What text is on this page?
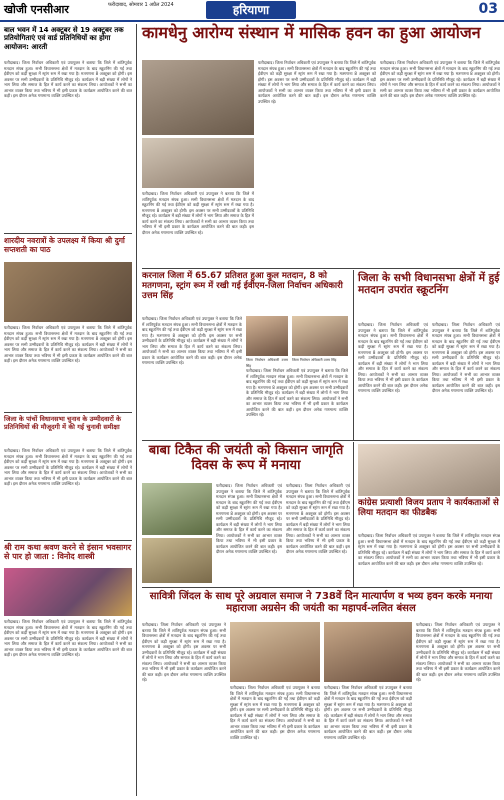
खोजी एनसीआर	फरीदाबाद, सोमवार 1 अप्रैल 2024	हरियाणा	03
बाल भवन में 14 अक्टूबर से 19 अक्टूबर तक प्रतियोगिताएं एवं वार्ड प्रतिनिधियों का होगा आयोजन: आरती
फरीदाबाद। जिला निर्वाचन अधिकारी एवं उपायुक्त ने बताया कि जिले में शांतिपूर्वक मतदान संपन्न हुआ। सभी विधानसभा क्षेत्रों में मतदान के बाद स्क्रूटनिंग की गई तथा ईवीएम को कड़ी सुरक्षा में स्ट्रांग रूम में रखा गया है। मतगणना 8 अक्टूबर को होगी। इस अवसर पर सभी उम्मीदवारों के प्रतिनिधि मौजूद रहे। कार्यक्रम में बड़ी संख्या में लोगों ने भाग लिया और समाज के हित में कार्य करने का संकल्प लिया। आयोजकों ने सभी का आभार व्यक्त किया तथा भविष्य में भी इसी प्रकार के कार्यक्रम आयोजित करने की बात कही। इस दौरान अनेक गणमान्य व्यक्ति उपस्थित रहे।
शारदीय नवरात्रों के उपलक्ष्य में किया श्री दुर्गा सप्तशती का पाठ
फरीदाबाद। जिला निर्वाचन अधिकारी एवं उपायुक्त ने बताया कि जिले में शांतिपूर्वक मतदान संपन्न हुआ। सभी विधानसभा क्षेत्रों में मतदान के बाद स्क्रूटनिंग की गई तथा ईवीएम को कड़ी सुरक्षा में स्ट्रांग रूम में रखा गया है। मतगणना 8 अक्टूबर को होगी। इस अवसर पर सभी उम्मीदवारों के प्रतिनिधि मौजूद रहे। कार्यक्रम में बड़ी संख्या में लोगों ने भाग लिया और समाज के हित में कार्य करने का संकल्प लिया। आयोजकों ने सभी का आभार व्यक्त किया तथा भविष्य में भी इसी प्रकार के कार्यक्रम आयोजित करने की बात कही। इस दौरान अनेक गणमान्य व्यक्ति उपस्थित रहे।
जिला के पांचों विधानसभा चुनाव के उम्मीदवारों के प्रतिनिधियों की मौजूदगी में की गई चुनावी समीक्षा
फरीदाबाद। जिला निर्वाचन अधिकारी एवं उपायुक्त ने बताया कि जिले में शांतिपूर्वक मतदान संपन्न हुआ। सभी विधानसभा क्षेत्रों में मतदान के बाद स्क्रूटनिंग की गई तथा ईवीएम को कड़ी सुरक्षा में स्ट्रांग रूम में रखा गया है। मतगणना 8 अक्टूबर को होगी। इस अवसर पर सभी उम्मीदवारों के प्रतिनिधि मौजूद रहे। कार्यक्रम में बड़ी संख्या में लोगों ने भाग लिया और समाज के हित में कार्य करने का संकल्प लिया। आयोजकों ने सभी का आभार व्यक्त किया तथा भविष्य में भी इसी प्रकार के कार्यक्रम आयोजित करने की बात कही। इस दौरान अनेक गणमान्य व्यक्ति उपस्थित रहे।
श्री राम कथा श्रवण करने से इंसान भवसागर से पार हो जाता : विनोद शास्त्री
फरीदाबाद। जिला निर्वाचन अधिकारी एवं उपायुक्त ने बताया कि जिले में शांतिपूर्वक मतदान संपन्न हुआ। सभी विधानसभा क्षेत्रों में मतदान के बाद स्क्रूटनिंग की गई तथा ईवीएम को कड़ी सुरक्षा में स्ट्रांग रूम में रखा गया है। मतगणना 8 अक्टूबर को होगी। इस अवसर पर सभी उम्मीदवारों के प्रतिनिधि मौजूद रहे। कार्यक्रम में बड़ी संख्या में लोगों ने भाग लिया और समाज के हित में कार्य करने का संकल्प लिया। आयोजकों ने सभी का आभार व्यक्त किया तथा भविष्य में भी इसी प्रकार के कार्यक्रम आयोजित करने की बात कही। इस दौरान अनेक गणमान्य व्यक्ति उपस्थित रहे।
कामधेनु आरोग्य संस्थान में मासिक हवन का हुआ आयोजन
फरीदाबाद। जिला निर्वाचन अधिकारी एवं उपायुक्त ने बताया कि जिले में शांतिपूर्वक मतदान संपन्न हुआ। सभी विधानसभा क्षेत्रों में मतदान के बाद स्क्रूटनिंग की गई तथा ईवीएम को कड़ी सुरक्षा में स्ट्रांग रूम में रखा गया है। मतगणना 8 अक्टूबर को होगी। इस अवसर पर सभी उम्मीदवारों के प्रतिनिधि मौजूद रहे। कार्यक्रम में बड़ी संख्या में लोगों ने भाग लिया और समाज के हित में कार्य करने का संकल्प लिया। आयोजकों ने सभी का आभार व्यक्त किया तथा भविष्य में भी इसी प्रकार के कार्यक्रम आयोजित करने की बात कही। इस दौरान अनेक गणमान्य व्यक्ति उपस्थित रहे।
फरीदाबाद। जिला निर्वाचन अधिकारी एवं उपायुक्त ने बताया कि जिले में शांतिपूर्वक मतदान संपन्न हुआ। सभी विधानसभा क्षेत्रों में मतदान के बाद स्क्रूटनिंग की गई तथा ईवीएम को कड़ी सुरक्षा में स्ट्रांग रूम में रखा गया है। मतगणना 8 अक्टूबर को होगी। इस अवसर पर सभी उम्मीदवारों के प्रतिनिधि मौजूद रहे। कार्यक्रम में बड़ी संख्या में लोगों ने भाग लिया और समाज के हित में कार्य करने का संकल्प लिया। आयोजकों ने सभी का आभार व्यक्त किया तथा भविष्य में भी इसी प्रकार के कार्यक्रम आयोजित करने की बात कही। इस दौरान अनेक गणमान्य व्यक्ति उपस्थित रहे।
फरीदाबाद। जिला निर्वाचन अधिकारी एवं उपायुक्त ने बताया कि जिले में शांतिपूर्वक मतदान संपन्न हुआ। सभी विधानसभा क्षेत्रों में मतदान के बाद स्क्रूटनिंग की गई तथा ईवीएम को कड़ी सुरक्षा में स्ट्रांग रूम में रखा गया है। मतगणना 8 अक्टूबर को होगी। इस अवसर पर सभी उम्मीदवारों के प्रतिनिधि मौजूद रहे। कार्यक्रम में बड़ी संख्या में लोगों ने भाग लिया और समाज के हित में कार्य करने का संकल्प लिया। आयोजकों ने सभी का आभार व्यक्त किया तथा भविष्य में भी इसी प्रकार के कार्यक्रम आयोजित करने की बात कही। इस दौरान अनेक गणमान्य व्यक्ति उपस्थित रहे।
करनाल जिला में 65.67 प्रतिशत हुआ कुल मतदान, 8 को मतगणना, स्ट्रांग रूम में रखी गई ईवीएम-जिला निर्वाचन अधिकारी उत्तम सिंह
फरीदाबाद। जिला निर्वाचन अधिकारी एवं उपायुक्त ने बताया कि जिले में शांतिपूर्वक मतदान संपन्न हुआ। सभी विधानसभा क्षेत्रों में मतदान के बाद स्क्रूटनिंग की गई तथा ईवीएम को कड़ी सुरक्षा में स्ट्रांग रूम में रखा गया है। मतगणना 8 अक्टूबर को होगी। इस अवसर पर सभी उम्मीदवारों के प्रतिनिधि मौजूद रहे। कार्यक्रम में बड़ी संख्या में लोगों ने भाग लिया और समाज के हित में कार्य करने का संकल्प लिया। आयोजकों ने सभी का आभार व्यक्त किया तथा भविष्य में भी इसी प्रकार के कार्यक्रम आयोजित करने की बात कही। इस दौरान अनेक गणमान्य व्यक्ति उपस्थित रहे।	जिला निर्वाचन अधिकारी उत्तम सिंह
जिला निर्वाचन अधिकारी उत्तम सिंह
फरीदाबाद। जिला निर्वाचन अधिकारी एवं उपायुक्त ने बताया कि जिले में शांतिपूर्वक मतदान संपन्न हुआ। सभी विधानसभा क्षेत्रों में मतदान के बाद स्क्रूटनिंग की गई तथा ईवीएम को कड़ी सुरक्षा में स्ट्रांग रूम में रखा गया है। मतगणना 8 अक्टूबर को होगी। इस अवसर पर सभी उम्मीदवारों के प्रतिनिधि मौजूद रहे। कार्यक्रम में बड़ी संख्या में लोगों ने भाग लिया और समाज के हित में कार्य करने का संकल्प लिया। आयोजकों ने सभी का आभार व्यक्त किया तथा भविष्य में भी इसी प्रकार के कार्यक्रम आयोजित करने की बात कही। इस दौरान अनेक गणमान्य व्यक्ति उपस्थित रहे।
जिला के सभी विधानसभा क्षेत्रों में हुई मतदान उपरांत स्क्रूटनिंग
फरीदाबाद। जिला निर्वाचन अधिकारी एवं उपायुक्त ने बताया कि जिले में शांतिपूर्वक मतदान संपन्न हुआ। सभी विधानसभा क्षेत्रों में मतदान के बाद स्क्रूटनिंग की गई तथा ईवीएम को कड़ी सुरक्षा में स्ट्रांग रूम में रखा गया है। मतगणना 8 अक्टूबर को होगी। इस अवसर पर सभी उम्मीदवारों के प्रतिनिधि मौजूद रहे। कार्यक्रम में बड़ी संख्या में लोगों ने भाग लिया और समाज के हित में कार्य करने का संकल्प लिया। आयोजकों ने सभी का आभार व्यक्त किया तथा भविष्य में भी इसी प्रकार के कार्यक्रम आयोजित करने की बात कही। इस दौरान अनेक गणमान्य व्यक्ति उपस्थित रहे।
फरीदाबाद। जिला निर्वाचन अधिकारी एवं उपायुक्त ने बताया कि जिले में शांतिपूर्वक मतदान संपन्न हुआ। सभी विधानसभा क्षेत्रों में मतदान के बाद स्क्रूटनिंग की गई तथा ईवीएम को कड़ी सुरक्षा में स्ट्रांग रूम में रखा गया है। मतगणना 8 अक्टूबर को होगी। इस अवसर पर सभी उम्मीदवारों के प्रतिनिधि मौजूद रहे। कार्यक्रम में बड़ी संख्या में लोगों ने भाग लिया और समाज के हित में कार्य करने का संकल्प लिया। आयोजकों ने सभी का आभार व्यक्त किया तथा भविष्य में भी इसी प्रकार के कार्यक्रम आयोजित करने की बात कही। इस दौरान अनेक गणमान्य व्यक्ति उपस्थित रहे।
बाबा टिकैत की जयंती को किसान जागृति दिवस के रूप में मनाया
फरीदाबाद। जिला निर्वाचन अधिकारी एवं उपायुक्त ने बताया कि जिले में शांतिपूर्वक मतदान संपन्न हुआ। सभी विधानसभा क्षेत्रों में मतदान के बाद स्क्रूटनिंग की गई तथा ईवीएम को कड़ी सुरक्षा में स्ट्रांग रूम में रखा गया है। मतगणना 8 अक्टूबर को होगी। इस अवसर पर सभी उम्मीदवारों के प्रतिनिधि मौजूद रहे। कार्यक्रम में बड़ी संख्या में लोगों ने भाग लिया और समाज के हित में कार्य करने का संकल्प लिया। आयोजकों ने सभी का आभार व्यक्त किया तथा भविष्य में भी इसी प्रकार के कार्यक्रम आयोजित करने की बात कही। इस दौरान अनेक गणमान्य व्यक्ति उपस्थित रहे।
फरीदाबाद। जिला निर्वाचन अधिकारी एवं उपायुक्त ने बताया कि जिले में शांतिपूर्वक मतदान संपन्न हुआ। सभी विधानसभा क्षेत्रों में मतदान के बाद स्क्रूटनिंग की गई तथा ईवीएम को कड़ी सुरक्षा में स्ट्रांग रूम में रखा गया है। मतगणना 8 अक्टूबर को होगी। इस अवसर पर सभी उम्मीदवारों के प्रतिनिधि मौजूद रहे। कार्यक्रम में बड़ी संख्या में लोगों ने भाग लिया और समाज के हित में कार्य करने का संकल्प लिया। आयोजकों ने सभी का आभार व्यक्त किया तथा भविष्य में भी इसी प्रकार के कार्यक्रम आयोजित करने की बात कही। इस दौरान अनेक गणमान्य व्यक्ति उपस्थित रहे।
कांग्रेस प्रत्याशी विजय प्रताप ने कार्यकताओं से लिया मतदान का फीडबैक
फरीदाबाद। जिला निर्वाचन अधिकारी एवं उपायुक्त ने बताया कि जिले में शांतिपूर्वक मतदान संपन्न हुआ। सभी विधानसभा क्षेत्रों में मतदान के बाद स्क्रूटनिंग की गई तथा ईवीएम को कड़ी सुरक्षा में स्ट्रांग रूम में रखा गया है। मतगणना 8 अक्टूबर को होगी। इस अवसर पर सभी उम्मीदवारों के प्रतिनिधि मौजूद रहे। कार्यक्रम में बड़ी संख्या में लोगों ने भाग लिया और समाज के हित में कार्य करने का संकल्प लिया। आयोजकों ने सभी का आभार व्यक्त किया तथा भविष्य में भी इसी प्रकार के कार्यक्रम आयोजित करने की बात कही। इस दौरान अनेक गणमान्य व्यक्ति उपस्थित रहे।
सावित्री जिंदल के साथ पूरे अग्रवाल समाज ने 738वें दिन मात्यार्पण व भव्य हवन करके मनाया महाराजा अग्रसेन की जयंती का महापर्व-ललित बंसल
फरीदाबाद। जिला निर्वाचन अधिकारी एवं उपायुक्त ने बताया कि जिले में शांतिपूर्वक मतदान संपन्न हुआ। सभी विधानसभा क्षेत्रों में मतदान के बाद स्क्रूटनिंग की गई तथा ईवीएम को कड़ी सुरक्षा में स्ट्रांग रूम में रखा गया है। मतगणना 8 अक्टूबर को होगी। इस अवसर पर सभी उम्मीदवारों के प्रतिनिधि मौजूद रहे। कार्यक्रम में बड़ी संख्या में लोगों ने भाग लिया और समाज के हित में कार्य करने का संकल्प लिया। आयोजकों ने सभी का आभार व्यक्त किया तथा भविष्य में भी इसी प्रकार के कार्यक्रम आयोजित करने की बात कही। इस दौरान अनेक गणमान्य व्यक्ति उपस्थित रहे।
फरीदाबाद। जिला निर्वाचन अधिकारी एवं उपायुक्त ने बताया कि जिले में शांतिपूर्वक मतदान संपन्न हुआ। सभी विधानसभा क्षेत्रों में मतदान के बाद स्क्रूटनिंग की गई तथा ईवीएम को कड़ी सुरक्षा में स्ट्रांग रूम में रखा गया है। मतगणना 8 अक्टूबर को होगी। इस अवसर पर सभी उम्मीदवारों के प्रतिनिधि मौजूद रहे। कार्यक्रम में बड़ी संख्या में लोगों ने भाग लिया और समाज के हित में कार्य करने का संकल्प लिया। आयोजकों ने सभी का आभार व्यक्त किया तथा भविष्य में भी इसी प्रकार के कार्यक्रम आयोजित करने की बात कही। इस दौरान अनेक गणमान्य व्यक्ति उपस्थित रहे।
फरीदाबाद। जिला निर्वाचन अधिकारी एवं उपायुक्त ने बताया कि जिले में शांतिपूर्वक मतदान संपन्न हुआ। सभी विधानसभा क्षेत्रों में मतदान के बाद स्क्रूटनिंग की गई तथा ईवीएम को कड़ी सुरक्षा में स्ट्रांग रूम में रखा गया है। मतगणना 8 अक्टूबर को होगी। इस अवसर पर सभी उम्मीदवारों के प्रतिनिधि मौजूद रहे। कार्यक्रम में बड़ी संख्या में लोगों ने भाग लिया और समाज के हित में कार्य करने का संकल्प लिया। आयोजकों ने सभी का आभार व्यक्त किया तथा भविष्य में भी इसी प्रकार के कार्यक्रम आयोजित करने की बात कही। इस दौरान अनेक गणमान्य व्यक्ति उपस्थित रहे।
फरीदाबाद। जिला निर्वाचन अधिकारी एवं उपायुक्त ने बताया कि जिले में शांतिपूर्वक मतदान संपन्न हुआ। सभी विधानसभा क्षेत्रों में मतदान के बाद स्क्रूटनिंग की गई तथा ईवीएम को कड़ी सुरक्षा में स्ट्रांग रूम में रखा गया है। मतगणना 8 अक्टूबर को होगी। इस अवसर पर सभी उम्मीदवारों के प्रतिनिधि मौजूद रहे। कार्यक्रम में बड़ी संख्या में लोगों ने भाग लिया और समाज के हित में कार्य करने का संकल्प लिया। आयोजकों ने सभी का आभार व्यक्त किया तथा भविष्य में भी इसी प्रकार के कार्यक्रम आयोजित करने की बात कही। इस दौरान अनेक गणमान्य व्यक्ति उपस्थित रहे।
